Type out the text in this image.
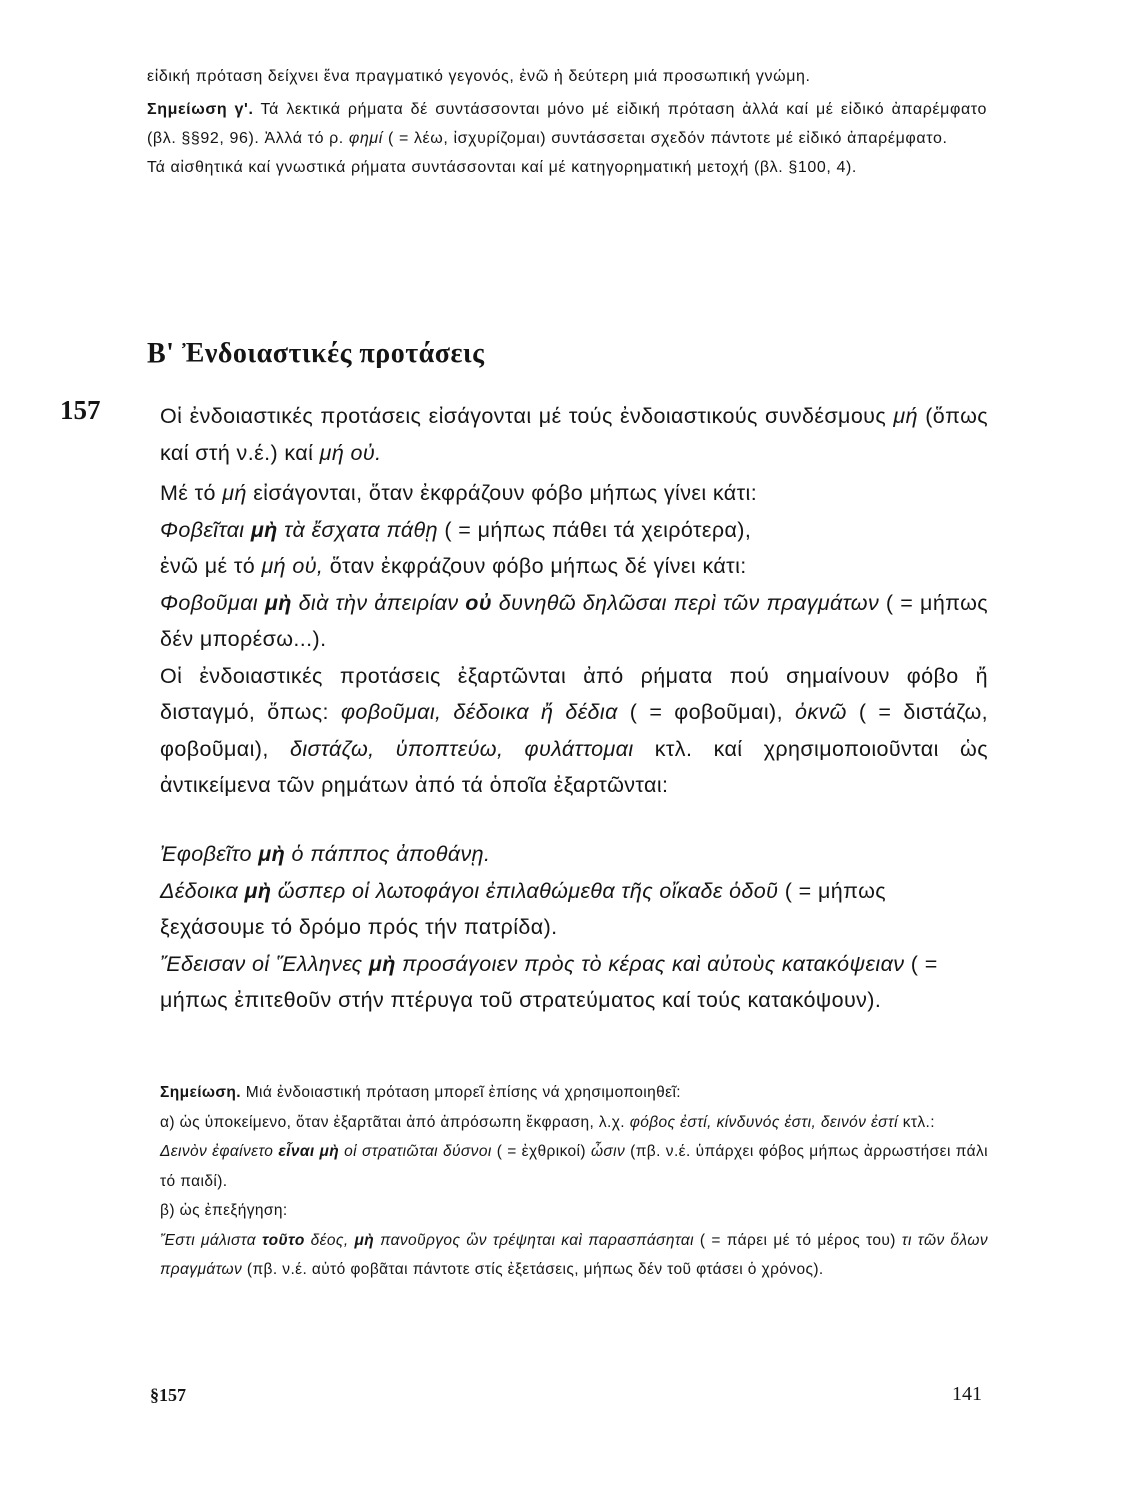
εἰδική πρόταση δείχνει ἕνα πραγματικό γεγονός, ἐνῶ ἡ δεύτερη μιά προσωπική γνώμη.

Σημείωση γ'. Τά λεκτικά ρήματα δέ συντάσσονται μόνο μέ εἰδική πρόταση ἀλλά καί μέ εἰδικό ἀπαρέμφατο (βλ. §§92, 96). Ἀλλά τό ρ. φημί ( = λέω, ἰσχυρίζομαι) συντάσσεται σχεδόν πάντοτε μέ εἰδικό ἀπαρέμφατο.

Τά αἰσθητικά καί γνωστικά ρήματα συντάσσονται καί μέ κατηγορηματική μετοχή (βλ. §100, 4).

Β' Ἐνδοιαστικές προτάσεις
157	Οἱ ἐνδοιαστικές προτάσεις εἰσάγονται μέ τούς ἐνδοιαστικούς συνδέσμους μή (ὅπως καί στή ν.έ.) καί μή οὐ.

Μέ τό μή εἰσάγονται, ὅταν ἐκφράζουν φόβο μήπως γίνει κάτι:
Φοβεῖται μὴ τὰ ἔσχατα πάθῃ ( = μήπως πάθει τά χειρότερα),
ἐνῶ μέ τό μή οὐ, ὅταν ἐκφράζουν φόβο μήπως δέ γίνει κάτι:
Φοβοῦμαι μὴ διὰ τὴν ἀπειρίαν οὐ δυνηθῶ δηλῶσαι περὶ τῶν πραγμάτων ( = μήπως δέν μπορέσω...).

Οἱ ἐνδοιαστικές προτάσεις ἐξαρτῶνται ἀπό ρήματα πού σημαίνουν φόβο ἤ δισταγμό, ὅπως: φοβοῦμαι, δέδοικα ἤ δέδια ( = φοβοῦμαι), ὀκνῶ ( = διστάζω, φοβοῦμαι), διστάζω, ὑποπτεύω, φυλάττομαι κτλ. καί χρησιμοποιοῦνται ὡς ἀντικείμενα τῶν ρημάτων ἀπό τά ὁποῖα ἐξαρτῶνται:

Ἐφοβεῖτο μὴ ὁ πάππος ἀποθάνῃ.

Δέδοικα μὴ ὥσπερ οἱ λωτοφάγοι ἐπιλαθώμεθα τῆς οἴκαδε ὁδοῦ ( = μήπως ξεχάσουμε τό δρόμο πρός τήν πατρίδα).

Ἔδεισαν οἱ Ἕλληνες μὴ προσάγοιεν πρὸς τὸ κέρας καὶ αὐτοὺς κατακόψειαν ( = μήπως ἐπιτεθοῦν στήν πτέρυγα τοῦ στρατεύματος καί τούς κατακόψουν).

Σημείωση. Μιά ἐνδοιαστική πρόταση μπορεῖ ἐπίσης νά χρησιμοποιηθεῖ:

α) ὡς ὑποκείμενο, ὅταν ἐξαρτᾶται ἀπό ἀπρόσωπη ἔκφραση, λ.χ. φόβος ἐστί, κίνδυνός ἐστι, δεινόν ἐστί κτλ.:

Δεινὸν ἐφαίνετο εἶναι μὴ οἱ στρατιῶται δύσνοι ( = ἐχθρικοί) ὦσιν (πβ. ν.έ. ὑπάρχει φόβος μήπως ἀρρωστήσει πάλι τό παιδί).

β) ὡς ἐπεξήγηση:

Ἔστι μάλιστα τοῦτο δέος, μὴ πανοῦργος ὢν τρέψηται καὶ παρασπάσηται ( = πάρει μέ τό μέρος του) τι τῶν ὅλων πραγμάτων (πβ. ν.έ. αὐτό φοβᾶται πάντοτε στίς ἐξετάσεις, μήπως δέν τοῦ φτάσει ὁ χρόνος).

§157	141
